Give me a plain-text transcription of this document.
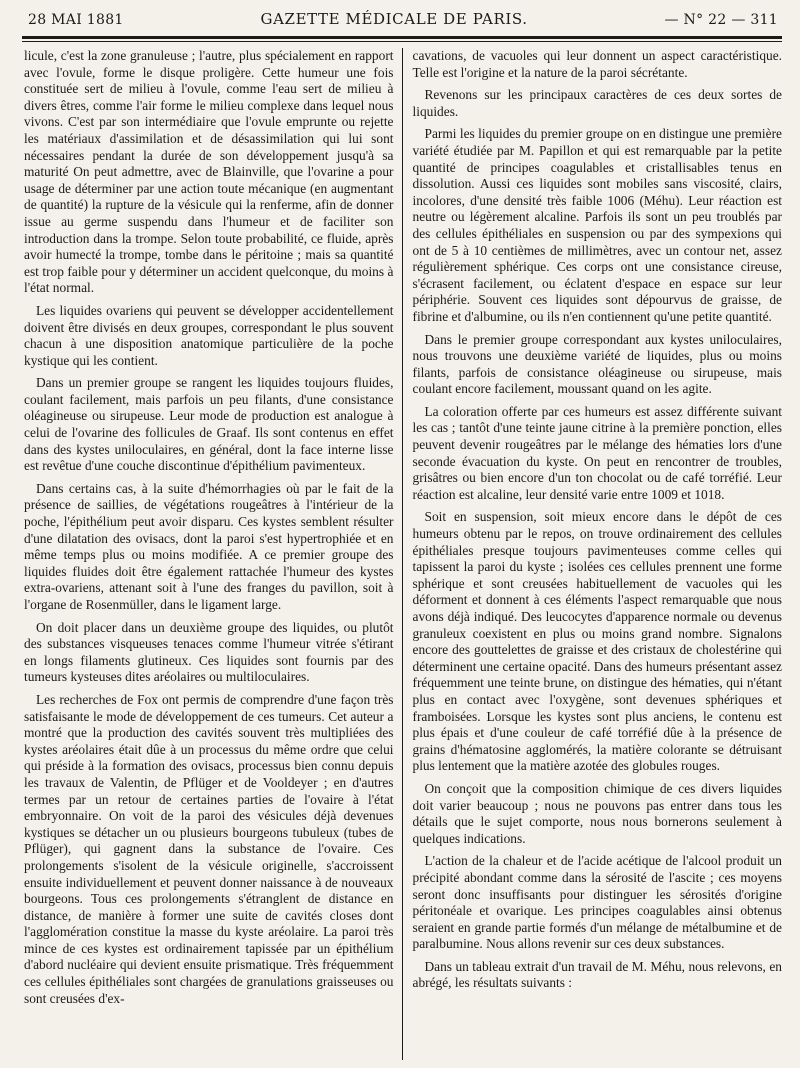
28 MAI 1881	GAZETTE MÉDICALE DE PARIS.	— N° 22 — 311

licule, c'est la zone granuleuse ; l'autre, plus spécialement en rapport avec l'ovule, forme le disque proligère. Cette humeur une fois constituée sert de milieu à l'ovule, comme l'eau sert de milieu à divers êtres, comme l'air forme le milieu complexe dans lequel nous vivons. C'est par son intermédiaire que l'ovule emprunte ou rejette les matériaux d'assimilation et de désassimilation qui lui sont nécessaires pendant la durée de son développement jusqu'à sa maturité On peut admettre, avec de Blainville, que l'ovarine a pour usage de déterminer par une action toute mécanique (en augmentant de quantité) la rupture de la vésicule qui la renferme, afin de donner issue au germe suspendu dans l'humeur et de faciliter son introduction dans la trompe. Selon toute probabilité, ce fluide, après avoir humecté la trompe, tombe dans le péritoine ; mais sa quantité est trop faible pour y déterminer un accident quelconque, du moins à l'état normal.

Les liquides ovariens qui peuvent se développer accidentellement doivent être divisés en deux groupes, correspondant le plus souvent chacun à une disposition anatomique particulière de la poche kystique qui les contient.

Dans un premier groupe se rangent les liquides toujours fluides, coulant facilement, mais parfois un peu filants, d'une consistance oléagineuse ou sirupeuse. Leur mode de production est analogue à celui de l'ovarine des follicules de Graaf. Ils sont contenus en effet dans des kystes uniloculaires, en général, dont la face interne lisse est revêtue d'une couche discontinue d'épithélium pavimenteux.

Dans certains cas, à la suite d'hémorrhagies où par le fait de la présence de saillies, de végétations rougeâtres à l'intérieur de la poche, l'épithélium peut avoir disparu. Ces kystes semblent résulter d'une dilatation des ovisacs, dont la paroi s'est hypertrophiée et en même temps plus ou moins modifiée. A ce premier groupe des liquides fluides doit être également rattachée l'humeur des kystes extra-ovariens, attenant soit à l'une des franges du pavillon, soit à l'organe de Rosenmüller, dans le ligament large.

On doit placer dans un deuxième groupe des liquides, ou plutôt des substances visqueuses tenaces comme l'humeur vitrée s'étirant en longs filaments glutineux. Ces liquides sont fournis par des tumeurs kysteuses dites aréolaires ou multiloculaires.

Les recherches de Fox ont permis de comprendre d'une façon très satisfaisante le mode de développement de ces tumeurs. Cet auteur a montré que la production des cavités souvent très multipliées des kystes aréolaires était dûe à un processus du même ordre que celui qui préside à la formation des ovisacs, processus bien connu depuis les travaux de Valentin, de Pflüger et de Vooldeyer ; en d'autres termes par un retour de certaines parties de l'ovaire à l'état embryonnaire. On voit de la paroi des vésicules déjà devenues kystiques se détacher un ou plusieurs bourgeons tubuleux (tubes de Pflüger), qui gagnent dans la substance de l'ovaire. Ces prolongements s'isolent de la vésicule originelle, s'accroissent ensuite individuellement et peuvent donner naissance à de nouveaux bourgeons. Tous ces prolongements s'étranglent de distance en distance, de manière à former une suite de cavités closes dont l'agglomération constitue la masse du kyste aréolaire. La paroi très mince de ces kystes est ordinairement tapissée par un épithélium d'abord nucléaire qui devient ensuite prismatique. Très fréquemment ces cellules épithéliales sont chargées de granulations graisseuses ou sont creusées d'ex-

cavations, de vacuoles qui leur donnent un aspect caractéristique. Telle est l'origine et la nature de la paroi sécrétante.

Revenons sur les principaux caractères de ces deux sortes de liquides.

Parmi les liquides du premier groupe on en distingue une première variété étudiée par M. Papillon et qui est remarquable par la petite quantité de principes coagulables et cristallisables tenus en dissolution. Aussi ces liquides sont mobiles sans viscosité, clairs, incolores, d'une densité très faible 1006 (Méhu). Leur réaction est neutre ou légèrement alcaline. Parfois ils sont un peu troublés par des cellules épithéliales en suspension ou par des sympexions qui ont de 5 à 10 centièmes de millimètres, avec un contour net, assez régulièrement sphérique. Ces corps ont une consistance cireuse, s'écrasent facilement, ou éclatent d'espace en espace sur leur périphérie. Souvent ces liquides sont dépourvus de graisse, de fibrine et d'albumine, ou ils n'en contiennent qu'une petite quantité.

Dans le premier groupe correspondant aux kystes uniloculaires, nous trouvons une deuxième variété de liquides, plus ou moins filants, parfois de consistance oléagineuse ou sirupeuse, mais coulant encore facilement, moussant quand on les agite.

La coloration offerte par ces humeurs est assez différente suivant les cas ; tantôt d'une teinte jaune citrine à la première ponction, elles peuvent devenir rougeâtres par le mélange des hématies lors d'une seconde évacuation du kyste. On peut en rencontrer de troubles, grisâtres ou bien encore d'un ton chocolat ou de café torréfié. Leur réaction est alcaline, leur densité varie entre 1009 et 1018.

Soit en suspension, soit mieux encore dans le dépôt de ces humeurs obtenu par le repos, on trouve ordinairement des cellules épithéliales presque toujours pavimenteuses comme celles qui tapissent la paroi du kyste ; isolées ces cellules prennent une forme sphérique et sont creusées habituellement de vacuoles qui les déforment et donnent à ces éléments l'aspect remarquable que nous avons déjà indiqué. Des leucocytes d'apparence normale ou devenus granuleux coexistent en plus ou moins grand nombre. Signalons encore des gouttelettes de graisse et des cristaux de cholestérine qui déterminent une certaine opacité. Dans des humeurs présentant assez fréquemment une teinte brune, on distingue des hématies, qui n'étant plus en contact avec l'oxygène, sont devenues sphériques et framboisées. Lorsque les kystes sont plus anciens, le contenu est plus épais et d'une couleur de café torréfié dûe à la présence de grains d'hématosine agglomérés, la matière colorante se détruisant plus lentement que la matière azotée des globules rouges.

On conçoit que la composition chimique de ces divers liquides doit varier beaucoup ; nous ne pouvons pas entrer dans tous les détails que le sujet comporte, nous nous bornerons seulement à quelques indications.

L'action de la chaleur et de l'acide acétique de l'alcool produit un précipité abondant comme dans la sérosité de l'ascite ; ces moyens seront donc insuffisants pour distinguer les sérosités d'origine péritonéale et ovarique. Les principes coagulables ainsi obtenus seraient en grande partie formés d'un mélange de métalbumine et de paralbumine. Nous allons revenir sur ces deux substances.

Dans un tableau extrait d'un travail de M. Méhu, nous relevons, en abrégé, les résultats suivants :
